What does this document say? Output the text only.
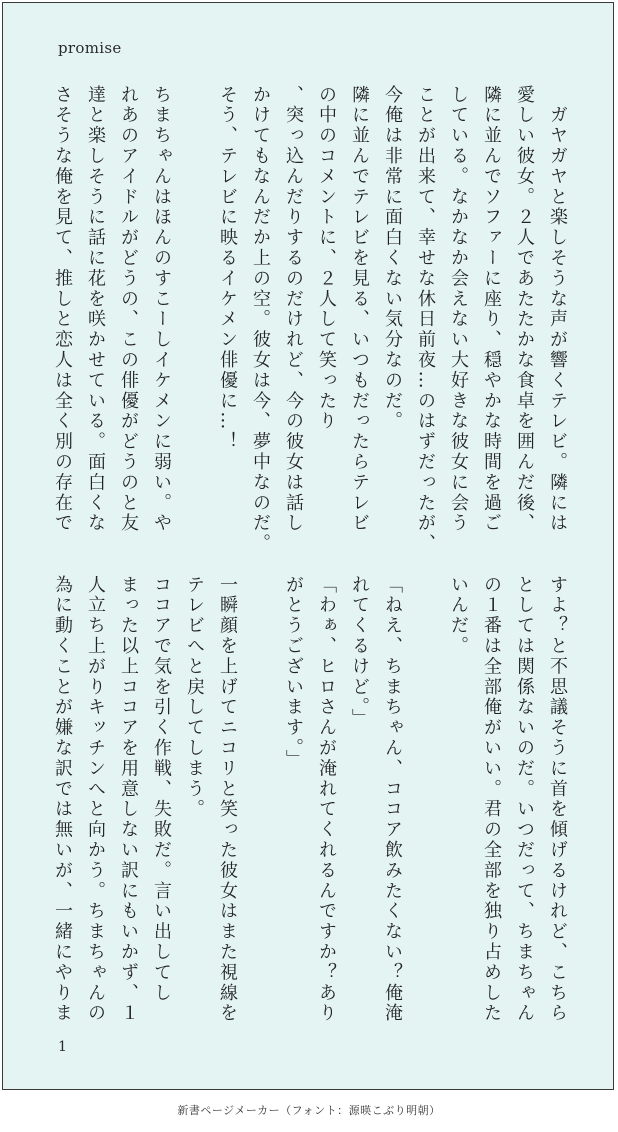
promise
　ガヤガヤと楽しそうな声が響くテレビ。隣には
愛しい彼女。２人であたたかな食卓を囲んだ後、
隣に並んでソファーに座り、穏やかな時間を過ご
している。なかなか会えない大好きな彼女に会う
ことが出来て、幸せな休日前夜…のはずだったが、
今俺は非常に面白くない気分なのだ。
隣に並んでテレビを見る、いつもだったらテレビ
の中のコメントに、２人して笑ったり
、突っ込んだりするのだけれど、今の彼女は話し
かけてもなんだか上の空。彼女は今、夢中なのだ。
そう、テレビに映るイケメン俳優に…！
ちまちゃんはほんのすこーしイケメンに弱い。や
れあのアイドルがどうの、この俳優がどうのと友
達と楽しそうに話に花を咲かせている。面白くな
さそうな俺を見て、推しと恋人は全く別の存在で
すよ？と不思議そうに首を傾げるけれど、こちら
としては関係ないのだ。いつだって、ちまちゃん
の１番は全部俺がいい。君の全部を独り占めした
いんだ。
「ねえ、ちまちゃん、ココア飲みたくない？俺淹
れてくるけど。」
「わぁ、ヒロさんが淹れてくれるんですか？あり
がとうございます。」
一瞬顔を上げてニコリと笑った彼女はまた視線を
テレビへと戻してしまう。
ココアで気を引く作戦、失敗だ。言い出してし
まった以上ココアを用意しない訳にもいかず、１
人立ち上がりキッチンへと向かう。ちまちゃんの
為に動くことが嫌な訳では無いが、一緒にやりま
1
新書ページメーカー（フォント：源暎こぶり明朝）
